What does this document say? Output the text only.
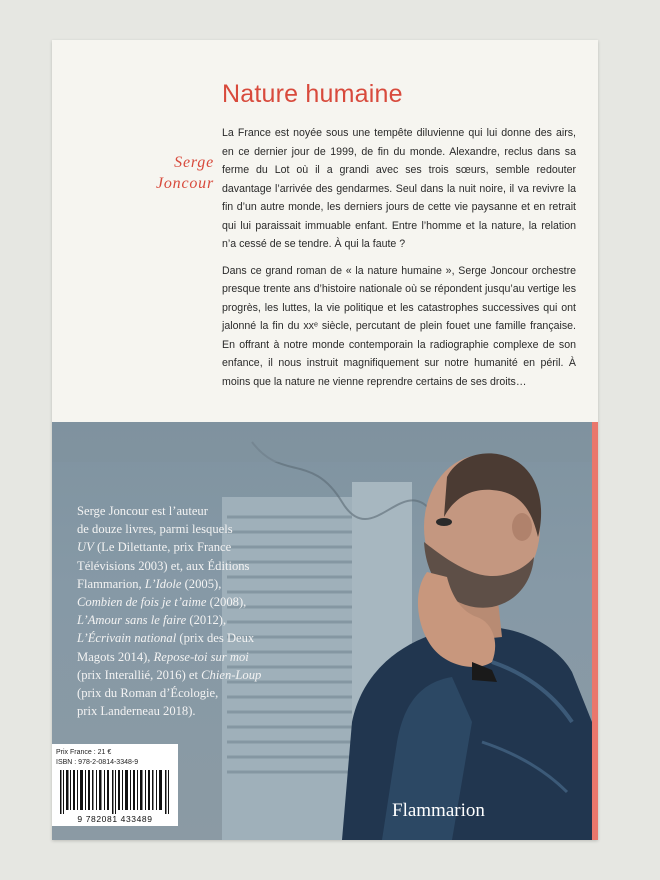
Nature humaine
Serge
Joncour

La France est noyée sous une tempête diluvienne qui lui donne des airs, en ce dernier jour de 1999, de fin du monde. Alexandre, reclus dans sa ferme du Lot où il a grandi avec ses trois sœurs, semble redouter davantage l’arrivée des gendarmes. Seul dans la nuit noire, il va revivre la fin d’un autre monde, les derniers jours de cette vie paysanne et en retrait qui lui paraissait immuable enfant. Entre l’homme et la nature, la relation n’a cessé de se tendre. À qui la faute ?

Dans ce grand roman de « la nature humaine », Serge Joncour orchestre presque trente ans d’histoire nationale où se répondent jusqu’au vertige les progrès, les luttes, la vie politique et les catastrophes successives qui ont jalonné la fin du xxᵉ siècle, percutant de plein fouet une famille française. En offrant à notre monde contemporain la radiographie complexe de son enfance, il nous instruit magnifiquement sur notre humanité en péril. À moins que la nature ne vienne reprendre certains de ses droits…

Serge Joncour est l’auteur
de douze livres, parmi lesquels
UV (Le Dilettante, prix France
Télévisions 2003) et, aux Éditions
Flammarion, L’Idole (2005),
Combien de fois je t’aime (2008),
L’Amour sans le faire (2012),
L’Écrivain national (prix des Deux
Magots 2014), Repose-toi sur moi
(prix Interallié, 2016) et Chien-Loup
(prix du Roman d’Écologie,
prix Landerneau 2018).
Prix France : 21 €
ISBN : 978-2-0814-3348-9
9 782081 433489	Flammarion
